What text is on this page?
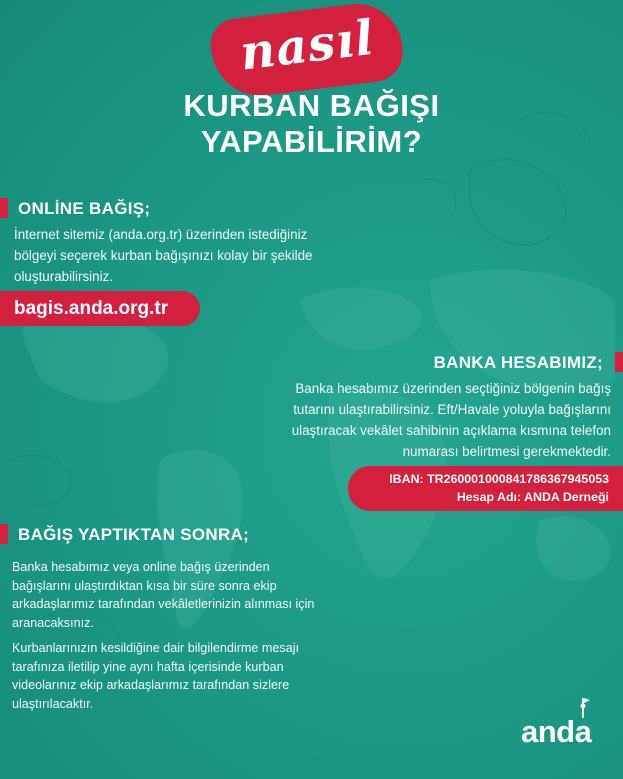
nasıl
KURBAN BAĞIŞI
YAPABİLİRİM?
ONLİNE BAĞIŞ;
İnternet sitemiz (anda.org.tr) üzerinden istediğiniz
bölgeyi seçerek kurban bağışınızı kolay bir şekilde
oluşturabilirsiniz.
bagis.anda.org.tr
BANKA HESABIMIZ;
Banka hesabımız üzerinden seçtiğiniz bölgenin bağış
tutarını ulaştırabilirsiniz. Eft/Havale yoluyla bağışlarını
ulaştıracak vekâlet sahibinin açıklama kısmına telefon
numarası belirtmesi gerekmektedir.
IBAN: TR260001000841786367945053
Hesap Adı: ANDA Derneği
BAĞIŞ YAPTIKTAN SONRA;
Banka hesabımız veya online bağış üzerinden
bağışlarını ulaştırdıktan kısa bir süre sonra ekip
arkadaşlarımız tarafından vekâletlerinizin alınması için
aranacaksınız.
Kurbanlarınızın kesildiğine dair bilgilendirme mesajı
tarafınıza iletilip yine aynı hafta içerisinde kurban
videolarınız ekip arkadaşlarımız tarafından sizlere
ulaştırılacaktır.
anda
